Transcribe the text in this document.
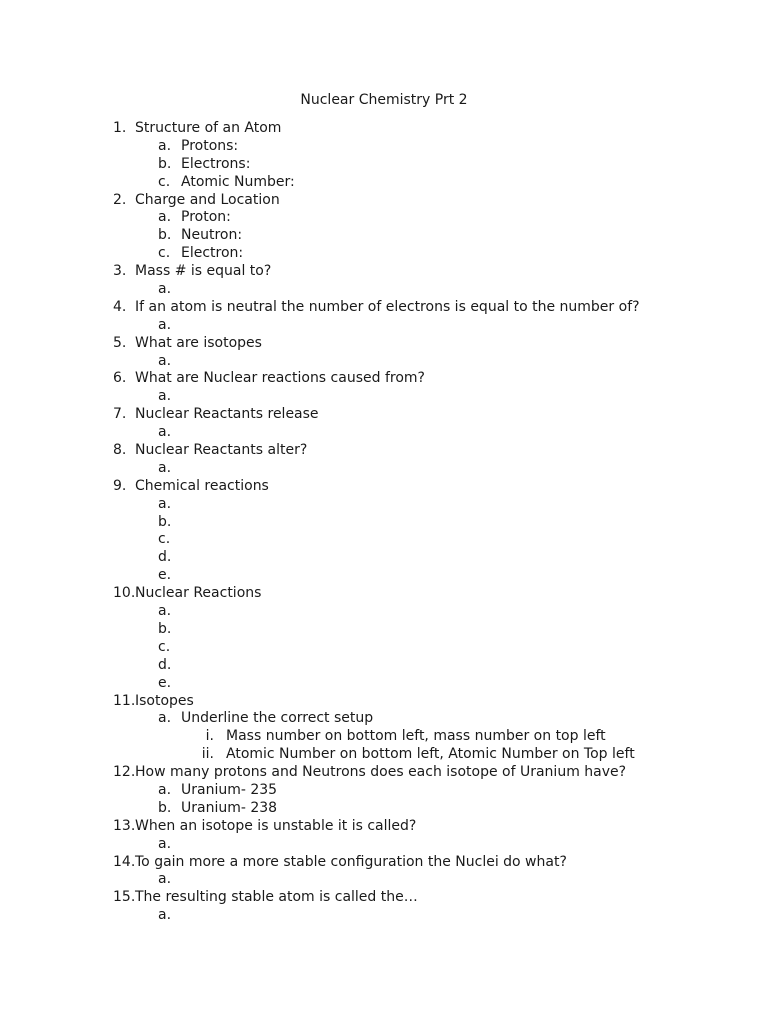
Nuclear Chemistry Prt 2
1. Structure of an Atom
a. Protons:
b. Electrons:
c. Atomic Number:
2. Charge and Location
a. Proton:
b. Neutron:
c. Electron:
3. Mass # is equal to?
a.
4. If an atom is neutral the number of electrons is equal to the number of?
a.
5. What are isotopes
a.
6. What are Nuclear reactions caused from?
a.
7. Nuclear Reactants release
a.
8. Nuclear Reactants alter?
a.
9. Chemical reactions
a.
b.
c.
d.
e.
10. Nuclear Reactions
a.
b.
c.
d.
e.
11. Isotopes
a. Underline the correct setup
i. Mass number on bottom left, mass number on top left
ii. Atomic Number on bottom left, Atomic Number on Top left
12. How many protons and Neutrons does each isotope of Uranium have?
a. Uranium- 235
b. Uranium- 238
13. When an isotope is unstable it is called?
a.
14. To gain more a more stable configuration the Nuclei do what?
a.
15. The resulting stable atom is called the…
a.
